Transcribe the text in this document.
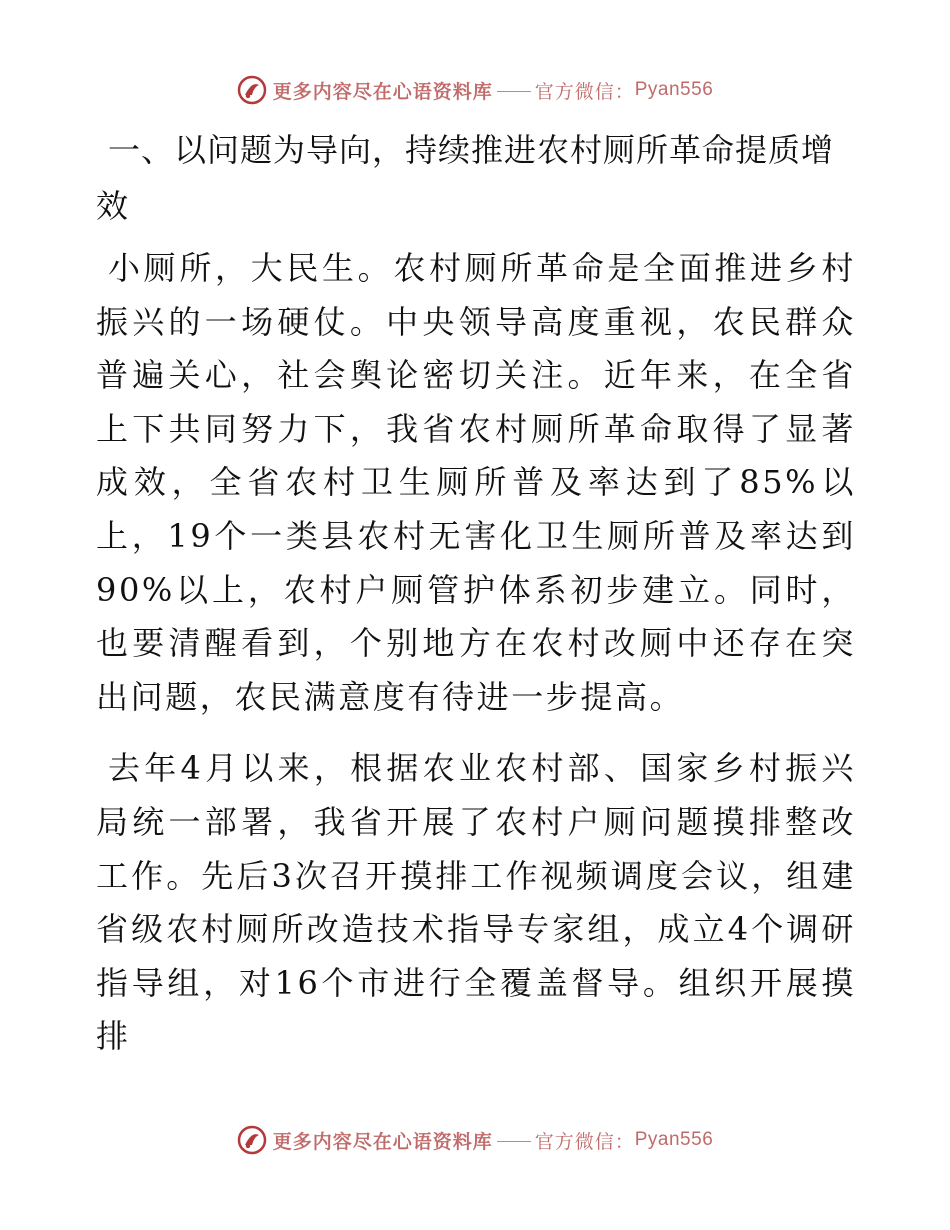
更多内容尽在心语资料库 官方微信： Pyan556
一、以问题为导向，持续推进农村厕所革命提质增效

小厕所，大民生。农村厕所革命是全面推进乡村振兴的一场硬仗。中央领导高度重视，农民群众普遍关心，社会舆论密切关注。近年来，在全省上下共同努力下，我省农村厕所革命取得了显著成效，全省农村卫生厕所普及率达到了85%以上，19个一类县农村无害化卫生厕所普及率达到90%以上，农村户厕管护体系初步建立。同时，也要清醒看到，个别地方在农村改厕中还存在突出问题，农民满意度有待进一步提高。

去年4月以来，根据农业农村部、国家乡村振兴局统一部署，我省开展了农村户厕问题摸排整改工作。先后3次召开摸排工作视频调度会议，组建省级农村厕所改造技术指导专家组，成立4个调研指导组，对16个市进行全覆盖督导。组织开展摸排

更多内容尽在心语资料库 官方微信： Pyan556
